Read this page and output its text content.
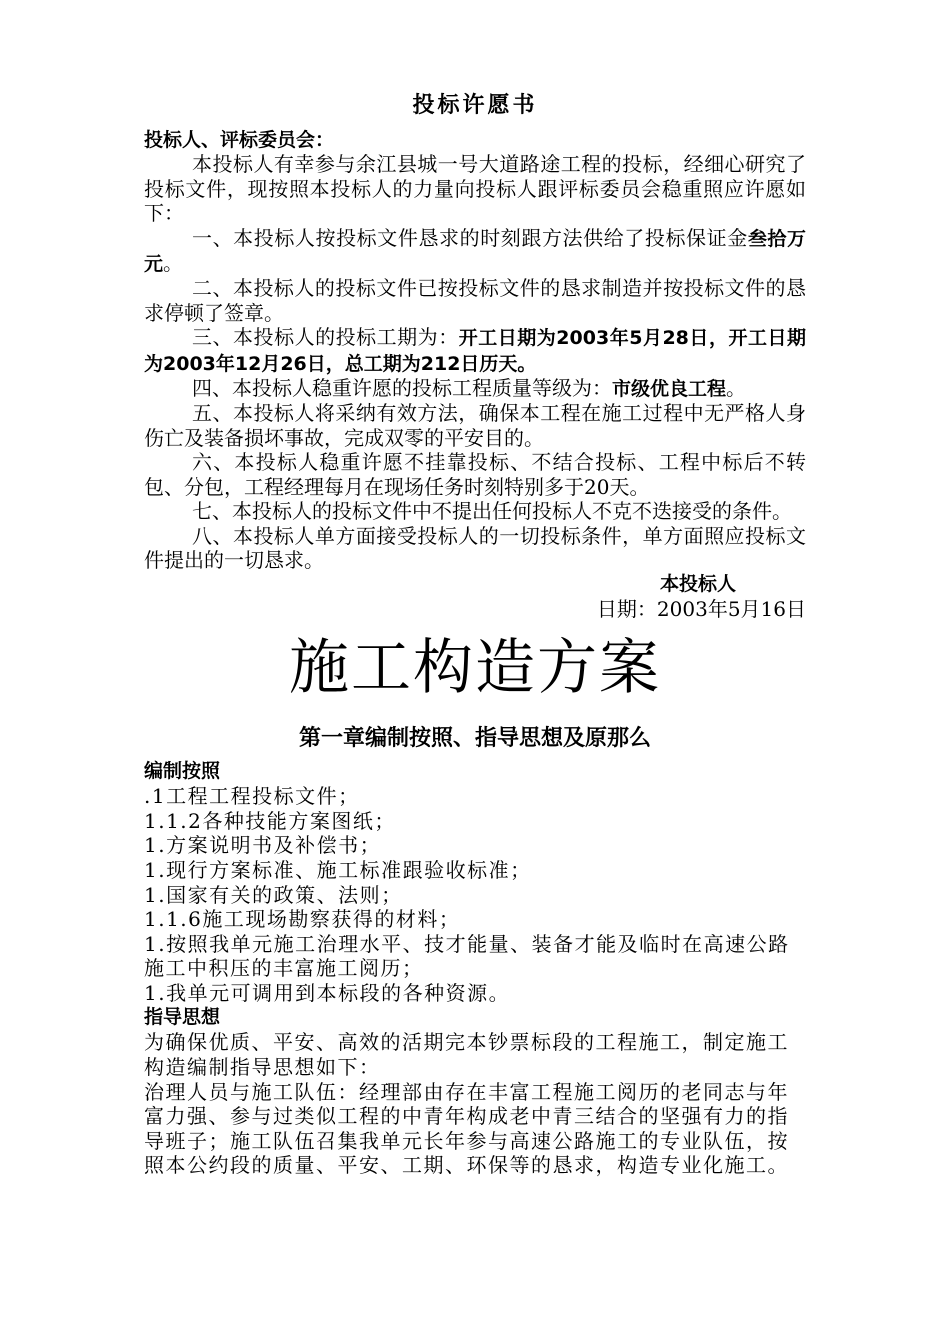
投标许愿书

投标人、评标委员会：

本投标人有幸参与余江县城一号大道路途工程的投标，经细心研究了投标文件，现按照本投标人的力量向投标人跟评标委员会稳重照应许愿如下：

一、本投标人按投标文件恳求的时刻跟方法供给了投标保证金叁拾万元。

二、本投标人的投标文件已按投标文件的恳求制造并按投标文件的恳求停顿了签章。

三、本投标人的投标工期为：开工日期为2003年5月28日，开工日期为2003年12月26日，总工期为212日历天。

四、本投标人稳重许愿的投标工程质量等级为：市级优良工程。

五、本投标人将采纳有效方法，确保本工程在施工过程中无严格人身伤亡及装备损坏事故，完成双零的平安目的。

六、本投标人稳重许愿不挂靠投标、不结合投标、工程中标后不转包、分包，工程经理每月在现场任务时刻特别多于20天。

七、本投标人的投标文件中不提出任何投标人不克不迭接受的条件。

八、本投标人单方面接受投标人的一切投标条件，单方面照应投标文件提出的一切恳求。

本投标人

日期：2003年5月16日

施工构造方案
第一章编制按照、指导思想及原那么

编制按照

.1工程工程投标文件；

1.1.2各种技能方案图纸；

1.方案说明书及补偿书；

1.现行方案标准、施工标准跟验收标准；

1.国家有关的政策、法则；

1.1.6施工现场勘察获得的材料；

1.按照我单元施工治理水平、技才能量、装备才能及临时在高速公路施工中积压的丰富施工阅历；

1.我单元可调用到本标段的各种资源。

指导思想

为确保优质、平安、高效的活期完本钞票标段的工程施工，制定施工构造编制指导思想如下：

治理人员与施工队伍：经理部由存在丰富工程施工阅历的老同志与年富力强、参与过类似工程的中青年构成老中青三结合的坚强有力的指导班子；施工队伍召集我单元长年参与高速公路施工的专业队伍，按照本公约段的质量、平安、工期、环保等的恳求，构造专业化施工。
